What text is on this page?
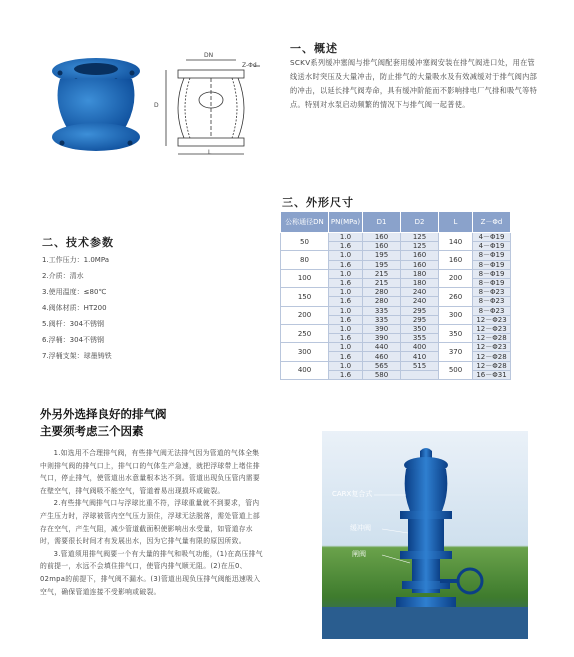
Z-Φd
DN
D
L
一、概述
SCKV系列缓冲塞阀与排气阀配套用缓冲塞阀安装在排气阀进口处，用在管线送水时突压及大量冲击，防止排气的大量吸水及有效减缓对于排气阀内部的冲击，以延长排气阀寿命，具有缓冲阶能而不影响排电厂气排和吸气等特点。特别对水泵启动频繁的情况下与排气阀一起普使。
二、技术参数
1.工作压力：1.0MPa
2.介质：清水
3.使用温度：≤80℃
4.阀体材质：HT200
5.阀杆：304不锈钢
6.浮桶：304不锈钢
7.浮桶支架：球墨铸铁
三、外形尺寸
公称通径DN	PN(MPa)	D1	D2	L	Z－Φd
50	1.0	160	125	140	4－Φ19
	1.6	160	125		4－Φ19
80	1.0	195	160	160	8－Φ19
	1.6	195	160		8－Φ19
100	1.0	215	180	200	8－Φ19
	1.6	215	180		8－Φ19
150	1.0	280	240	260	8－Φ23
	1.6	280	240		8－Φ23
200	1.0	335	295	300	8－Φ23
	1.6	335	295		12－Φ23
250	1.0	390	350	350	12－Φ23
	1.6	390	355		12－Φ28
300	1.0	440	400	370	12－Φ23
	1.6	460	410		12－Φ28
400	1.0	565	515	500	12－Φ28
	1.6	580			16－Φ31
外另外选择良好的排气阀
主要须考虑三个因素
1.如选用不合理排气阀，有些排气阀无法排气因为管道的气体全集中则排气阀的排气口上，排气口的气体生产急速，就把浮球带上堵住排气口，停止排气，使管道出水意量根本达不到。管道出现负压管内需要在壁空气，排气阀吸不能空气，管道着易出现损坏或破裂。
2.有些排气阀排气口与浮球比重不符，浮球重量就不到要求，管内产生压力时，浮球被管内空气压力顶住，浮球无法脱落，需处管道上部存在空气，产生气阻，减少管道截面积使影响出水受量，如管道存水时，需要很长时间才有发展出水，因为它排气量有限的原因所致。
3.管道须用排气阀要一个有大量的排气和吸气功能，(1)在高压排气的前提一，水远不会填住排气口，使管内排气顺无阻。(2)在压0、02mpa的前提下，排气阀不漏水。(3)管道出现负压排气阀能迅速吸入空气，确保管道连接不受影响或破裂。
CARX复合式
缓冲阀
闸阀
